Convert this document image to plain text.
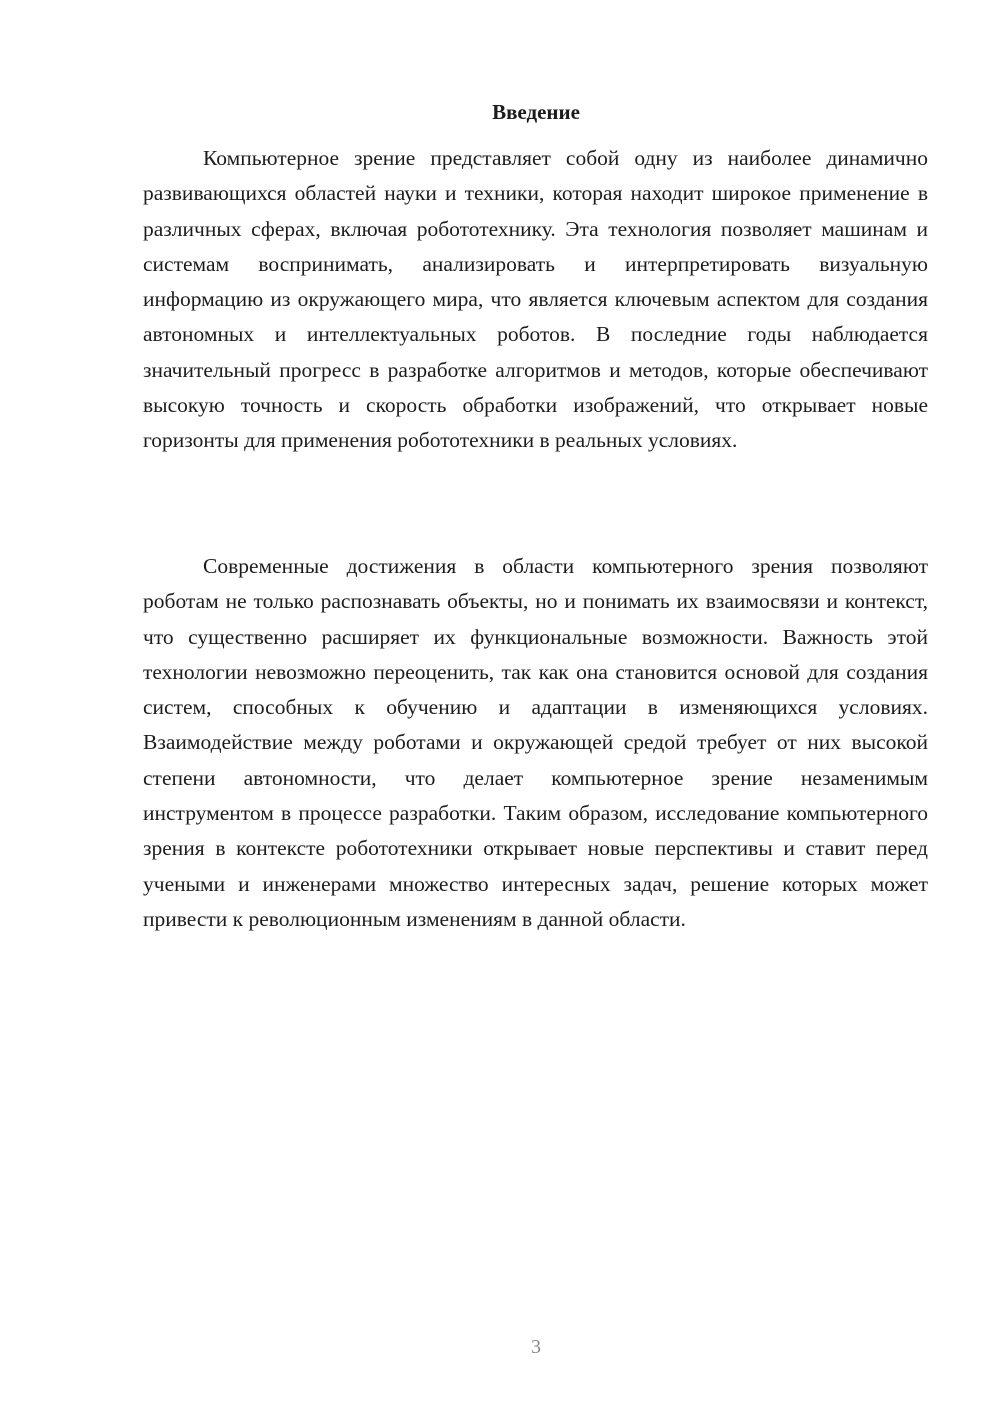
Введение

Компьютерное зрение представляет собой одну из наиболее динамично развивающихся областей науки и техники, которая находит широкое применение в различных сферах, включая робототехнику. Эта технология позволяет машинам и системам воспринимать, анализировать и интерпретировать визуальную информацию из окружающего мира, что является ключевым аспектом для создания автономных и интеллектуальных роботов. В последние годы наблюдается значительный прогресс в разработке алгоритмов и методов, которые обеспечивают высокую точность и скорость обработки изображений, что открывает новые горизонты для применения робототехники в реальных условиях.

Современные достижения в области компьютерного зрения позволяют роботам не только распознавать объекты, но и понимать их взаимосвязи и контекст, что существенно расширяет их функциональные возможности. Важность этой технологии невозможно переоценить, так как она становится основой для создания систем, способных к обучению и адаптации в изменяющихся условиях. Взаимодействие между роботами и окружающей средой требует от них высокой степени автономности, что делает компьютерное зрение незаменимым инструментом в процессе разработки. Таким образом, исследование компьютерного зрения в контексте робототехники открывает новые перспективы и ставит перед учеными и инженерами множество интересных задач, решение которых может привести к революционным изменениям в данной области.

3
